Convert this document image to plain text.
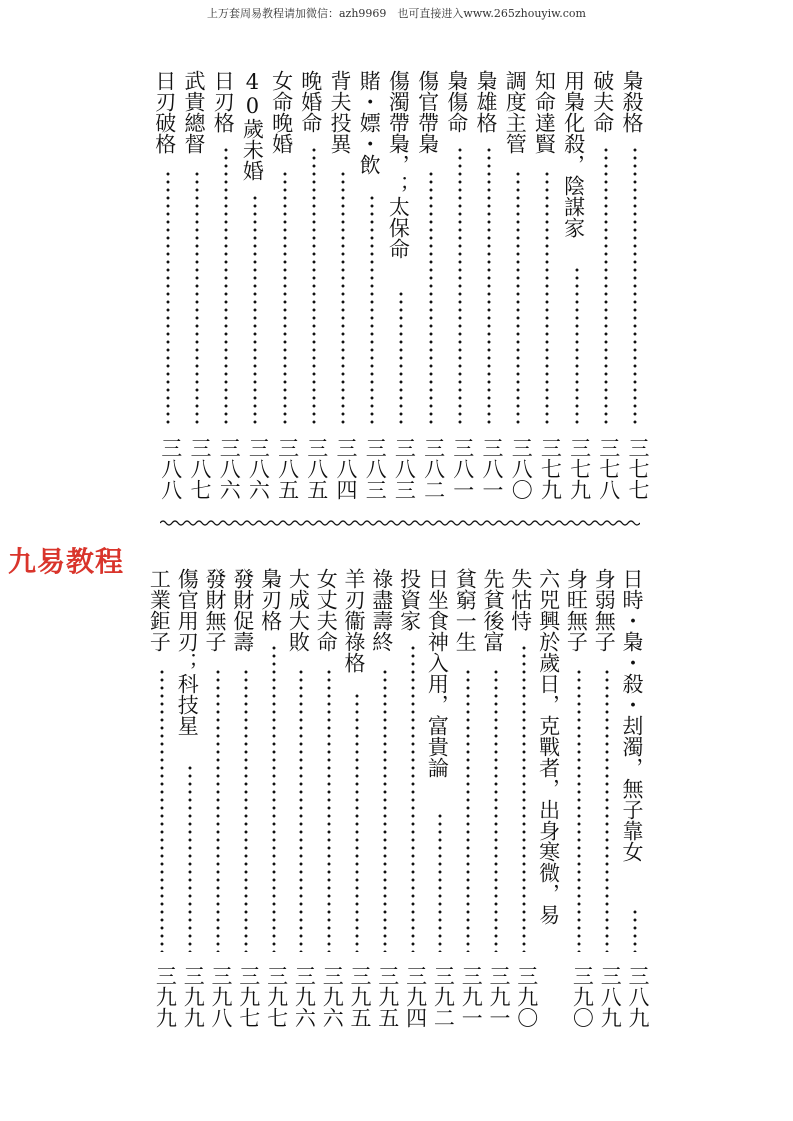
上万套周易教程请加微信：azh9969　也可直接进入www.265zhouyiw.com
九易教程
梟殺格
三七七
破夫命
三七八
用梟化殺，陰謀家
三七九
知命達賢
三七九
調度主管
三八〇
梟雄格
三八一
梟傷命
三八一
傷官帶梟
三八二
傷濁帶梟，；太保命
三八三
賭・嫖・飲
三八三
背夫投異
三八四
晚婚命
三八五
女命晚婚
三八五
40歲未婚
三八六
日刃格
三八六
武貴總督
三八七
日刃破格
三八八
日時・梟・殺・刦濁，無子靠女
三八九
身弱無子
三八九
身旺無子
三九〇
六兕興於歲日，克戰者，出身寒微，易
失怙恃
三九〇
先貧後富
三九一
貧窮一生
三九一
日坐食神入用，富貴論
三九二
投資家
三九四
祿盡壽終
三九五
羊刃衞祿格
三九五
女丈夫命
三九六
大成大敗
三九六
梟刃格
三九七
發財促壽
三九七
發財無子
三九八
傷官用刃；科技星
三九九
工業鉅子
三九九
